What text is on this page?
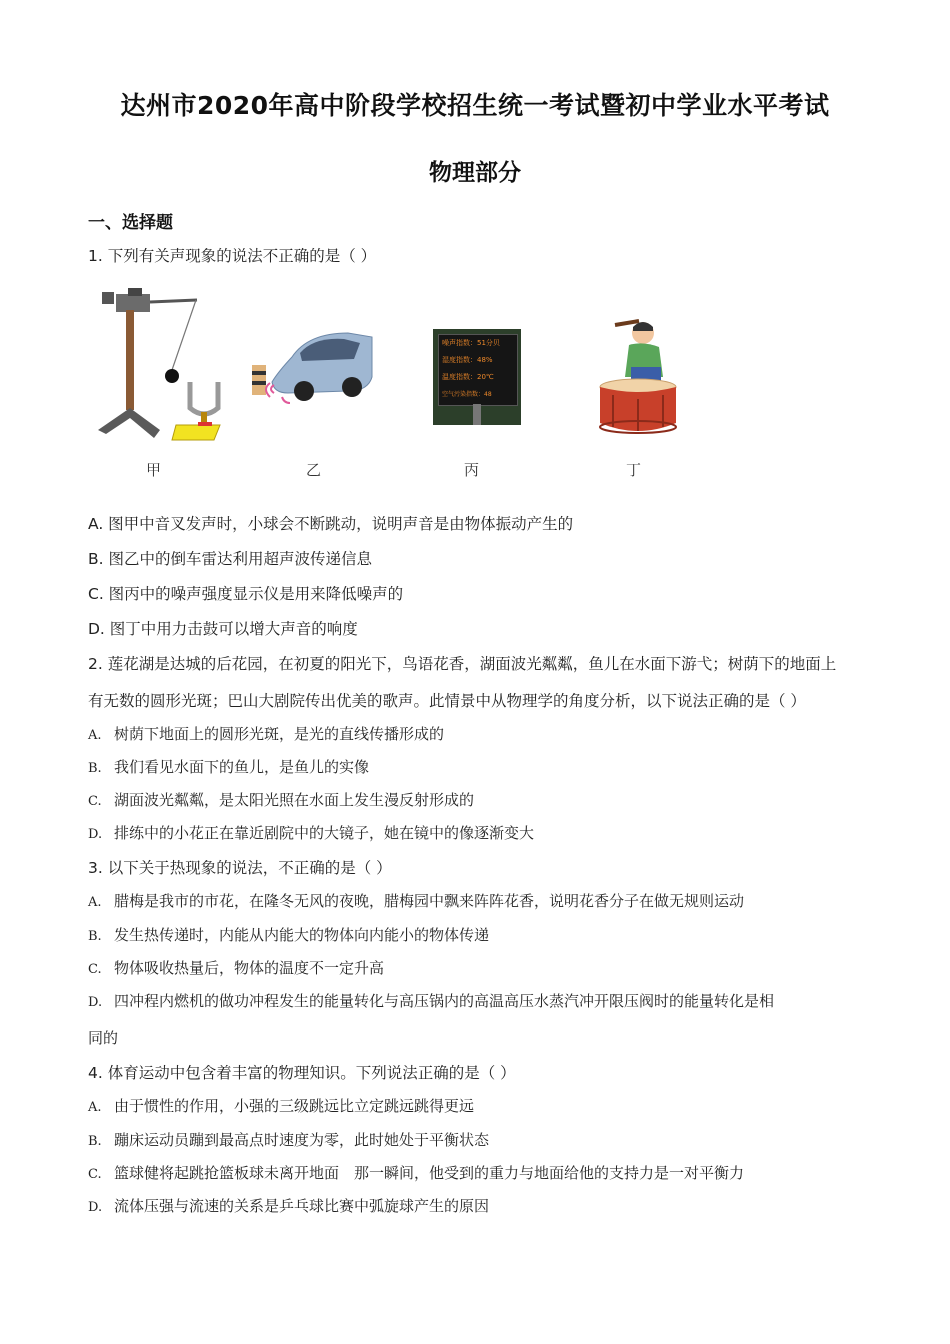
达州市2020年高中阶段学校招生统一考试暨初中学业水平考试
物理部分
一、选择题
1. 下列有关声现象的说法不正确的是（ ）
甲	乙
噪声指数：51分贝
湿度指数：48%
温度指数：20℃
空气污染指数：48
丙	丁
A. 图甲中音叉发声时，小球会不断跳动，说明声音是由物体振动产生的
B. 图乙中的倒车雷达利用超声波传递信息
C. 图丙中的噪声强度显示仪是用来降低噪声的
D. 图丁中用力击鼓可以增大声音的响度
2. 莲花湖是达城的后花园，在初夏的阳光下，鸟语花香，湖面波光粼粼，鱼儿在水面下游弋；树荫下的地面上
有无数的圆形光斑；巴山大剧院传出优美的歌声。此情景中从物理学的角度分析，以下说法正确的是（ ）
A. 树荫下地面上的圆形光斑，是光的直线传播形成的
B. 我们看见水面下的鱼儿，是鱼儿的实像
C. 湖面波光粼粼，是太阳光照在水面上发生漫反射形成的
D. 排练中的小花正在靠近剧院中的大镜子，她在镜中的像逐渐变大
3. 以下关于热现象的说法，不正确的是（ ）
A. 腊梅是我市的市花，在隆冬无风的夜晚，腊梅园中飘来阵阵花香，说明花香分子在做无规则运动
B. 发生热传递时，内能从内能大的物体向内能小的物体传递
C. 物体吸收热量后，物体的温度不一定升高
D. 四冲程内燃机的做功冲程发生的能量转化与高压锅内的高温高压水蒸汽冲开限压阀时的能量转化是相
同的
4. 体育运动中包含着丰富的物理知识。下列说法正确的是（ ）
A. 由于惯性的作用，小强的三级跳远比立定跳远跳得更远
B. 蹦床运动员蹦到最高点时速度为零，此时她处于平衡状态
C. 篮球健将起跳抢篮板球未离开地面　那一瞬间，他受到的重力与地面给他的支持力是一对平衡力
D. 流体压强与流速的关系是乒乓球比赛中弧旋球产生的原因
